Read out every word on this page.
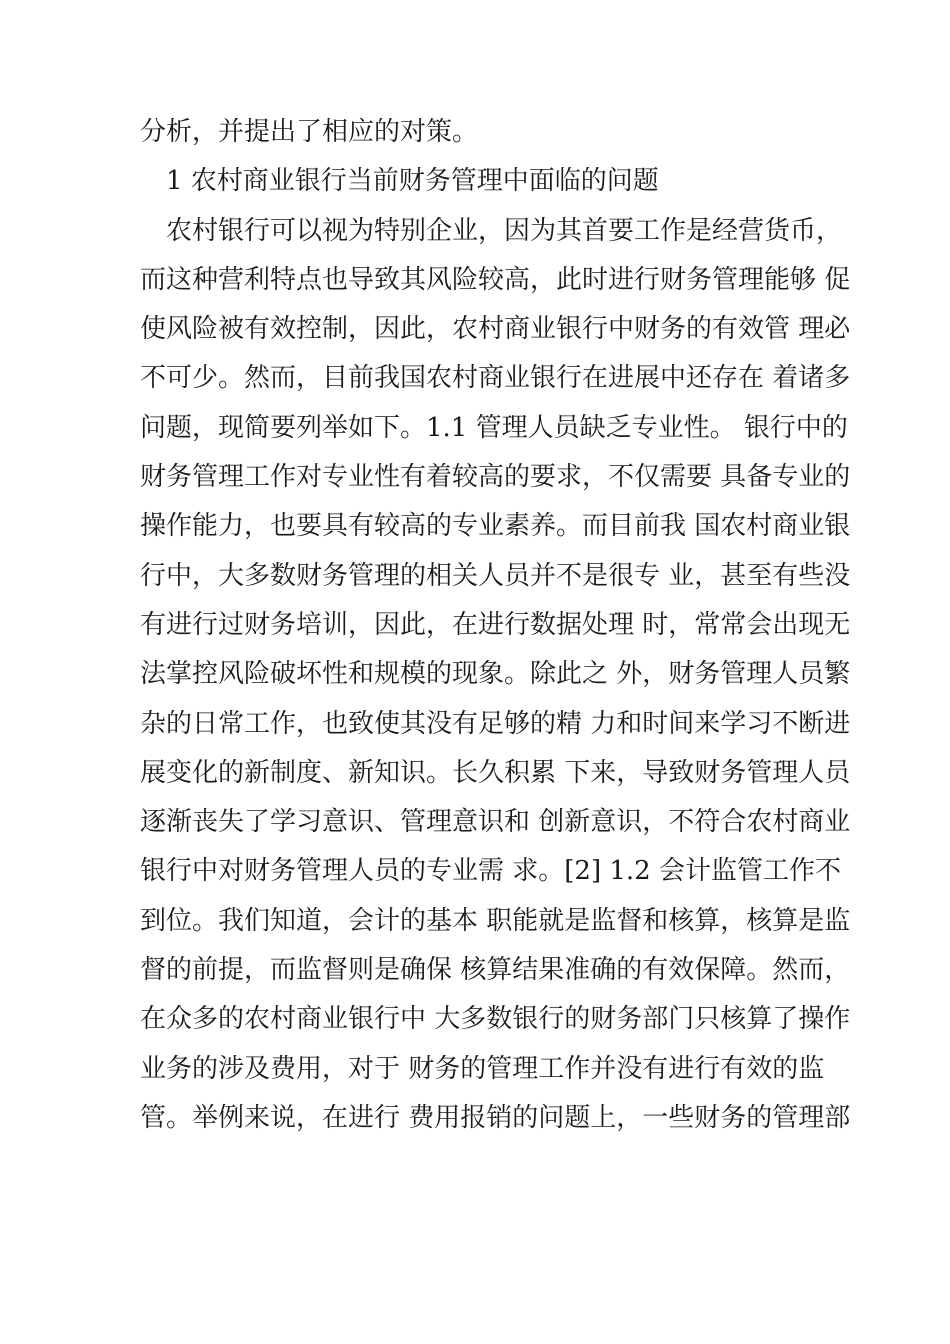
分析，并提出了相应的对策。
1 农村商业银行当前财务管理中面临的问题
农村银行可以视为特别企业，因为其首要工作是经营货币，
而这种营利特点也导致其风险较高，此时进行财务管理能够 促
使风险被有效控制，因此，农村商业银行中财务的有效管 理必
不可少。然而，目前我国农村商业银行在进展中还存在 着诸多
问题，现简要列举如下。1.1 管理人员缺乏专业性。 银行中的
财务管理工作对专业性有着较高的要求，不仅需要 具备专业的
操作能力，也要具有较高的专业素养。而目前我 国农村商业银
行中，大多数财务管理的相关人员并不是很专 业，甚至有些没
有进行过财务培训，因此，在进行数据处理 时，常常会出现无
法掌控风险破坏性和规模的现象。除此之 外，财务管理人员繁
杂的日常工作，也致使其没有足够的精 力和时间来学习不断进
展变化的新制度、新知识。长久积累 下来，导致财务管理人员
逐渐丧失了学习意识、管理意识和 创新意识，不符合农村商业
银行中对财务管理人员的专业需 求。[2] 1.2 会计监管工作不
到位。我们知道，会计的基本 职能就是监督和核算，核算是监
督的前提，而监督则是确保 核算结果准确的有效保障。然而，
在众多的农村商业银行中 大多数银行的财务部门只核算了操作
业务的涉及费用，对于 财务的管理工作并没有进行有效的监
管。举例来说，在进行 费用报销的问题上，一些财务的管理部
